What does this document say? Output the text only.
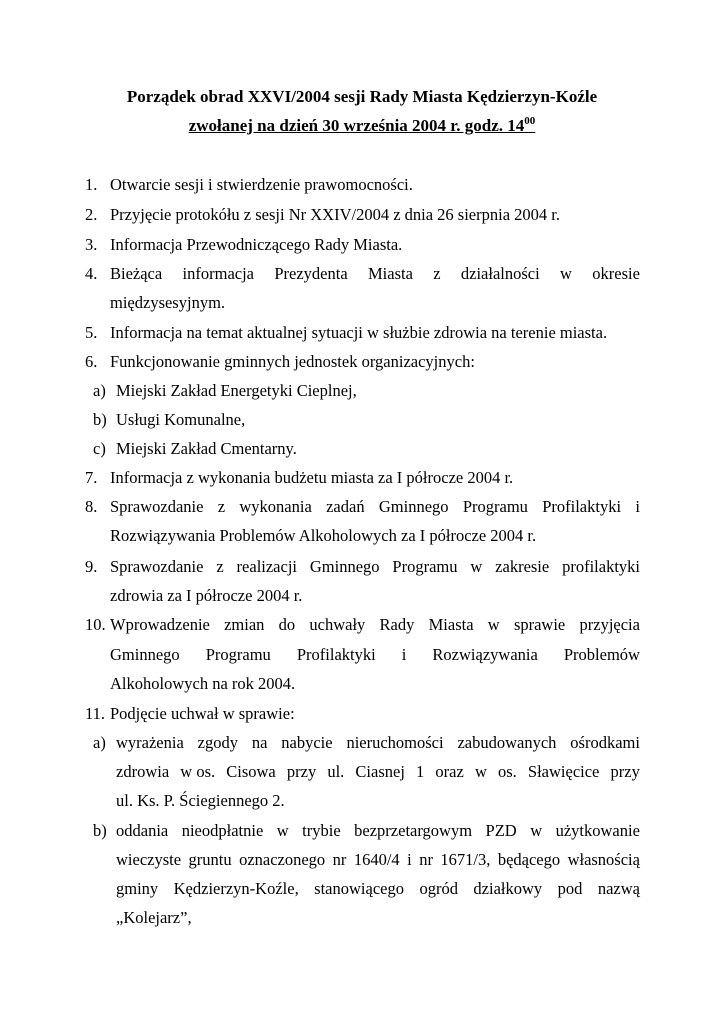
Porządek obrad XXVI/2004 sesji Rady Miasta Kędzierzyn-Koźle
zwołanej na dzień 30 września 2004 r. godz. $14^{00}$
1. Otwarcie sesji i stwierdzenie prawomocności.
2. Przyjęcie protokółu z sesji Nr XXIV/2004 z dnia 26 sierpnia 2004 r.
3. Informacja Przewodniczącego Rady Miasta.
4. Bieżąca informacja Prezydenta Miasta z działalności w okresie
międzysesyjnym.
5. Informacja na temat aktualnej sytuacji w służbie zdrowia na terenie miasta.
6. Funkcjonowanie gminnych jednostek organizacyjnych:
a) Miejski Zakład Energetyki Cieplnej,
b) Usługi Komunalne,
c) Miejski Zakład Cmentarny.
7. Informacja z wykonania budżetu miasta za I półrocze 2004 r.
8. Sprawozdanie z wykonania zadań Gminnego Programu Profilaktyki i
Rozwiązywania Problemów Alkoholowych za I półrocze 2004 r.
9. Sprawozdanie z realizacji Gminnego Programu w zakresie profilaktyki
zdrowia za I półrocze 2004 r.
10. Wprowadzenie zmian do uchwały Rady Miasta w sprawie przyjęcia
Gminnego Programu Profilaktyki i Rozwiązywania Problemów
Alkoholowych na rok 2004.
11. Podjęcie uchwał w sprawie:
a) wyrażenia zgody na nabycie nieruchomości zabudowanych ośrodkami
zdrowia w os. Cisowa przy ul. Ciasnej 1 oraz w os. Sławięcice przy
ul. Ks. P. Ściegiennego 2.
b) oddania nieodpłatnie w trybie bezprzetargowym PZD w użytkowanie
wieczyste gruntu oznaczonego nr 1640/4 i nr 1671/3, będącego własnością
gminy Kędzierzyn-Koźle, stanowiącego ogród działkowy pod nazwą
„Kolejarz”,
